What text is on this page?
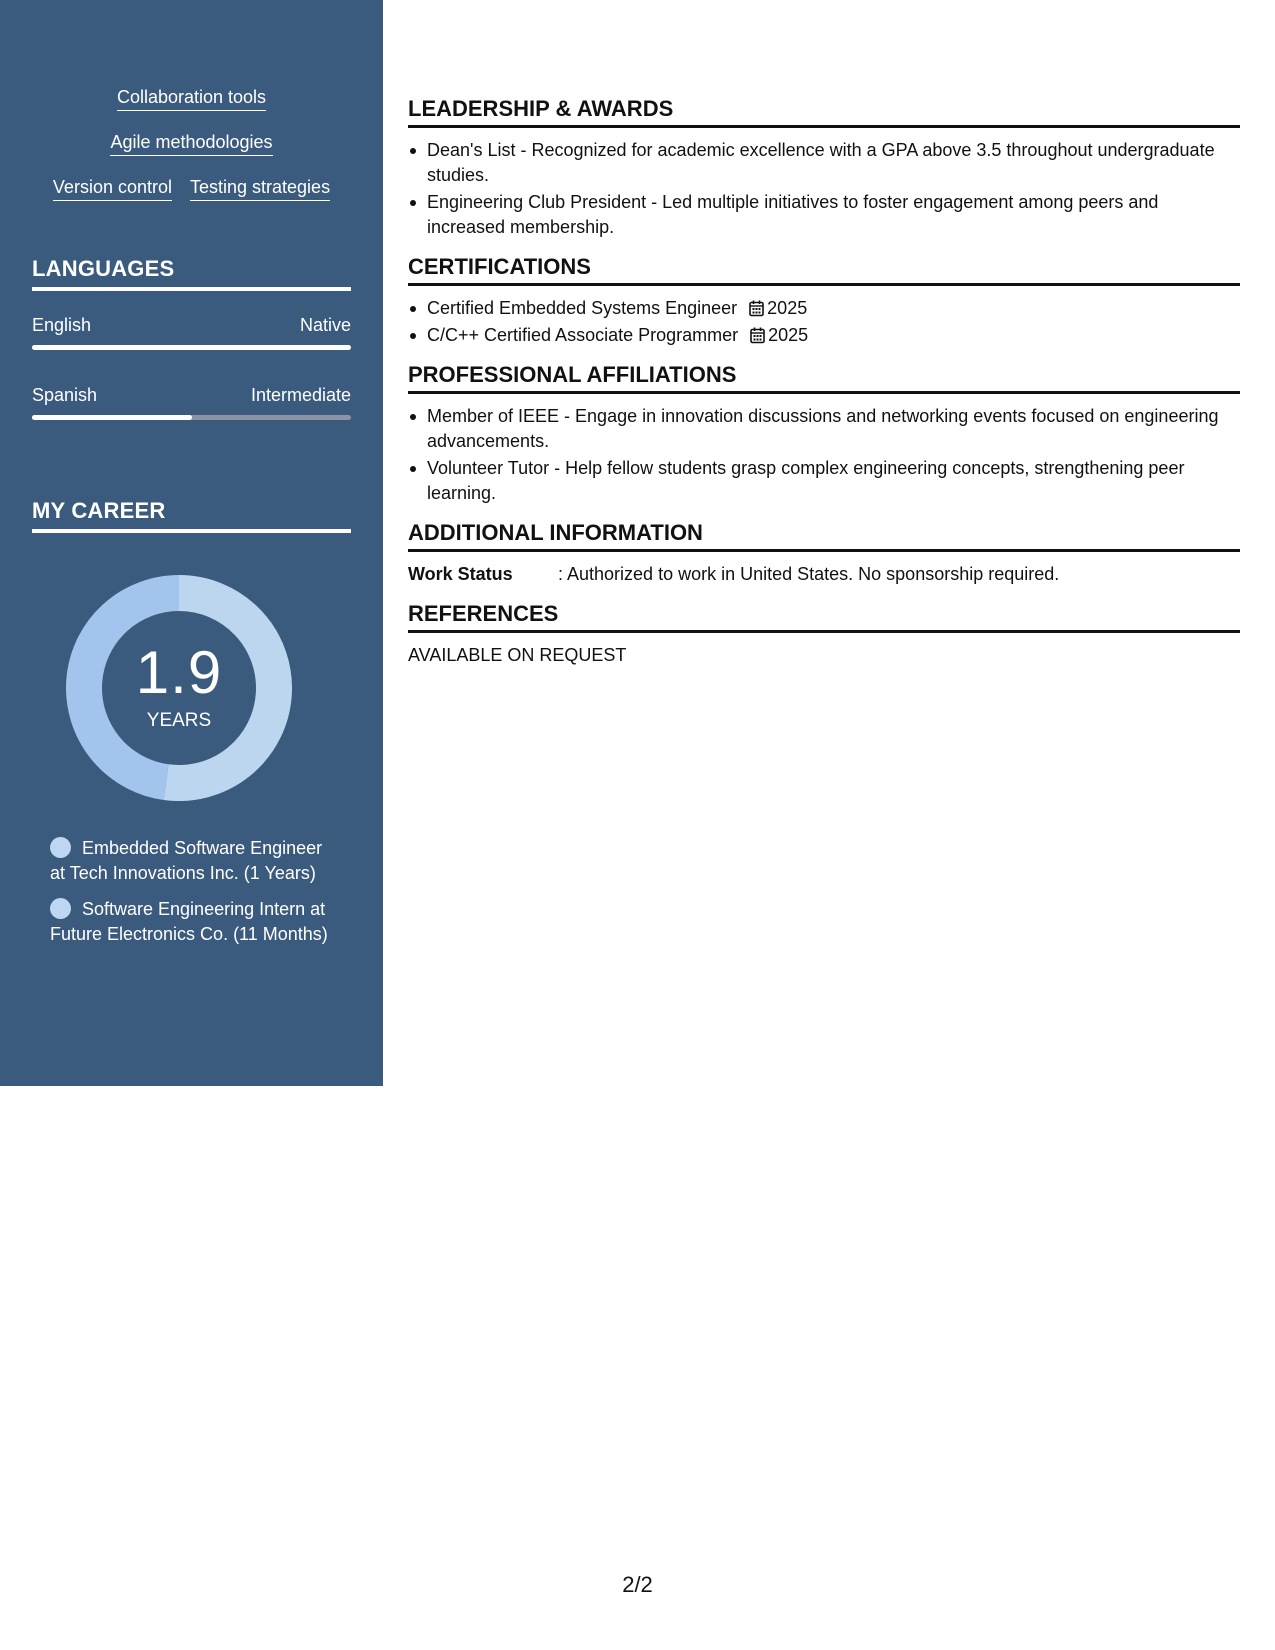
Collaboration tools
Agile methodologies
Version control Testing strategies
LANGUAGES
English	Native
Spanish	Intermediate
MY CAREER
1.9
YEARS
Embedded Software Engineer at Tech Innovations Inc. (1 Years)
Software Engineering Intern at Future Electronics Co. (11 Months)
LEADERSHIP & AWARDS
Dean's List - Recognized for academic excellence with a GPA above 3.5 throughout undergraduate studies.
Engineering Club President - Led multiple initiatives to foster engagement among peers and increased membership.
CERTIFICATIONS
Certified Embedded Systems Engineer 2025
C/C++ Certified Associate Programmer 2025
PROFESSIONAL AFFILIATIONS
Member of IEEE - Engage in innovation discussions and networking events focused on engineering advancements.
Volunteer Tutor - Help fellow students grasp complex engineering concepts, strengthening peer learning.
ADDITIONAL INFORMATION
Work Status	: Authorized to work in United States. No sponsorship required.
REFERENCES
AVAILABLE ON REQUEST
2/2
